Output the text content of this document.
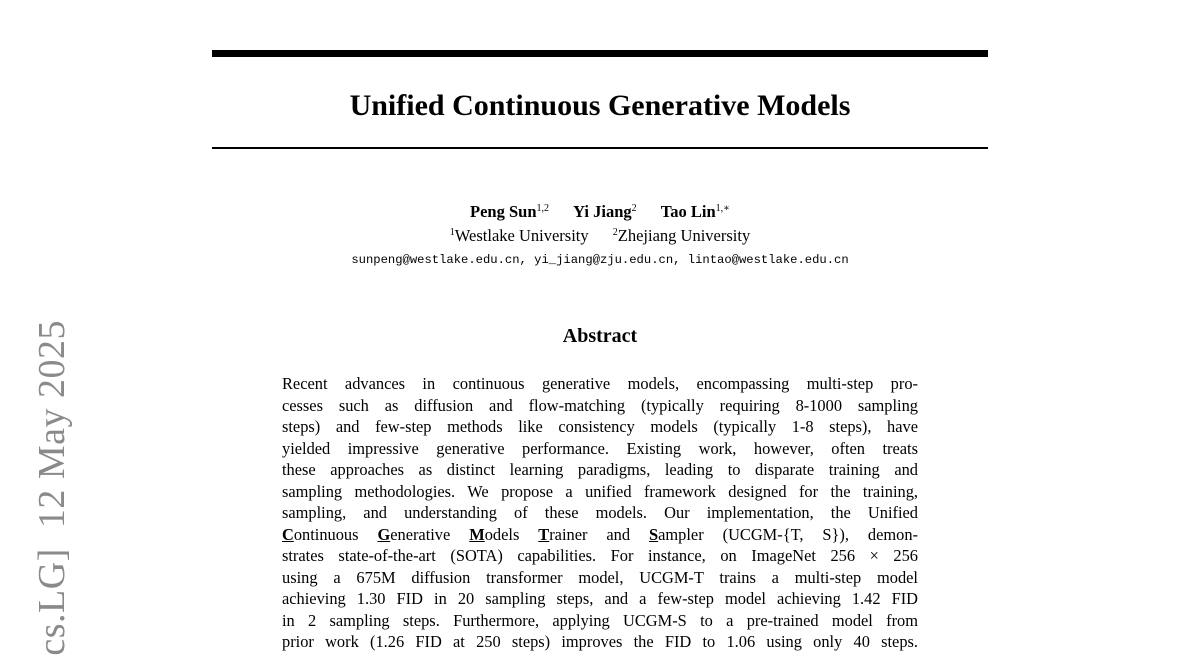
cs.LG]  12 May 2025
Unified Continuous Generative Models
Peng Sun$^{1,2}$ Yi Jiang$^2$ Tao Lin$^{1,∗}$
$^1$Westlake University $^2$Zhejiang University
sunpeng@westlake.edu.cn, yi_jiang@zju.edu.cn, lintao@westlake.edu.cn
Abstract
Recent advances in continuous generative models, encompassing multi-step pro-
cesses such as diffusion and flow-matching (typically requiring 8-1000 sampling
steps) and few-step methods like consistency models (typically 1-8 steps), have
yielded impressive generative performance. Existing work, however, often treats
these approaches as distinct learning paradigms, leading to disparate training and
sampling methodologies. We propose a unified framework designed for the training,
sampling, and understanding of these models. Our implementation, the Unified
Continuous Generative Models Trainer and Sampler (UCGM-{T, S}), demon-
strates state-of-the-art (SOTA) capabilities. For instance, on ImageNet 256 × 256
using a 675M diffusion transformer model, UCGM-T trains a multi-step model
achieving 1.30 FID in 20 sampling steps, and a few-step model achieving 1.42 FID
in 2 sampling steps. Furthermore, applying UCGM-S to a pre-trained model from
prior work (1.26 FID at 250 steps) improves the FID to 1.06 using only 40 steps.
